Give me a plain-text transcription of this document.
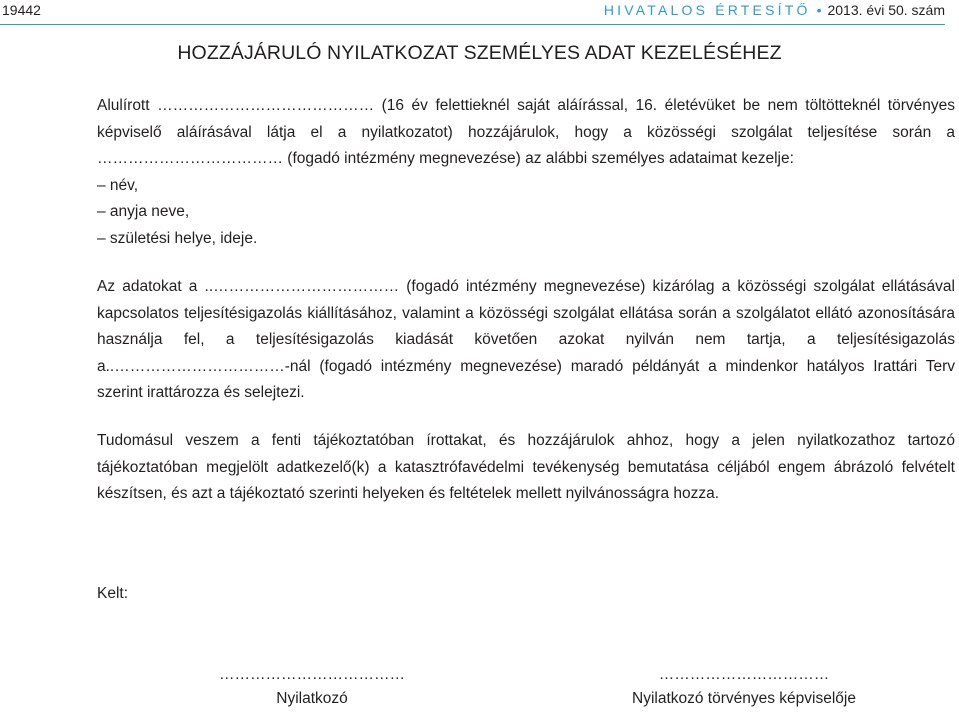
19442	HIVATALOS ÉRTESÍTŐ • 2013. évi 50. szám
HOZZÁJÁRULÓ NYILATKOZAT SZEMÉLYES ADAT KEZELÉSÉHEZ

Alulírott …………………………………… (16 év felettieknél saját aláírással, 16. életévüket be nem töltötteknél törvényes képviselő aláírásával látja el a nyilatkozatot) hozzájárulok, hogy a közösségi szolgálat teljesítése során a ……………………………… (fogadó intézmény megnevezése) az alábbi személyes adataimat kezelje:

– név,
– anyja neve,
– születési helye, ideje.

Az adatokat a ..……………………………… (fogadó intézmény megnevezése) kizárólag a közösségi szolgálat ellátásával kapcsolatos teljesítésigazolás kiállításához, valamint a közösségi szolgálat ellátása során a szolgálatot ellátó azonosítására használja fel, a teljesítésigazolás kiadását követően azokat nyilván nem tartja, a teljesítésigazolás a..……………………………-nál (fogadó intézmény megnevezése) maradó példányát a mindenkor hatályos Irattári Terv szerint irattározza és selejtezi.

Tudomásul veszem a fenti tájékoztatóban írottakat, és hozzájárulok ahhoz, hogy a jelen nyilatkozathoz tartozó tájékoztatóban megjelölt adatkezelő(k) a katasztrófavédelmi tevékenység bemutatása céljából engem ábrázoló felvételt készítsen, és azt a tájékoztató szerinti helyeken és feltételek mellett nyilvánosságra hozza.

Kelt:
………………………………
Nyilatkozó
……………………………
Nyilatkozó törvényes képviselője
